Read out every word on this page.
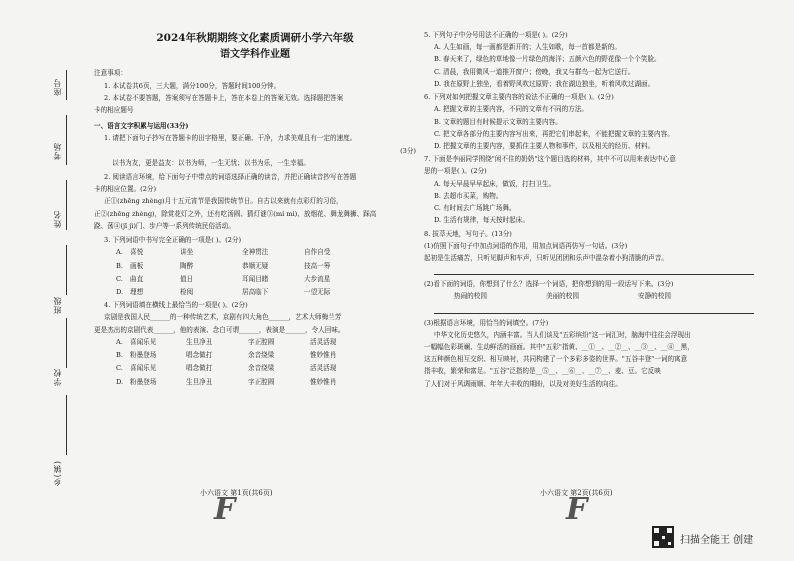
座号
考场
姓名
班级
学校
乡(镇)

2024年秋期期终文化素质调研小学六年级

语文学科作业题

注意事项：

1. 本试卷共6页，三大题，满分100分，答题时间100分钟。

2. 本试卷不要答题，答案须写在答题卡上，答在本卷上的答案无效。选择题把答案

卡的相应题号

一、语言文字积累与运用(33分)

1. 请把下面句子抄写在答题卡的田字格里，要正确、干净，力求美观且有一定的速度。

(3分)

以书为友，更是益友：以书为师，一生无忧；以书为乐，一生幸福。

2. 阅读语言环境，给下面句子中带点的词语选择正确的读音，并把正确读音抄写在答题

卡的相应位置。(2分)

正①(zhēng zhèng)月十五元宵节是我国传统节日。自古以来就有点彩灯的习俗，

正②(zhēng zhèng)，除赏花灯之外，还有吃汤圆、猜灯谜③(mí mì)、放烟花、舞龙舞狮、踩高

跷、荡④(jī jì)门、步户等一系列传统民俗活动。

3. 下列词语中书写完全正确的一项是( )。(2分)

A.	喜悦	讲坐	全神贯注	自作自受
B.	画板	陶醉	恭顺无疑	技高一筹
C.	曲直	值日	耳闻目睹	大步流星
D.	理想	检阅	居高临下	一望无际

4. 下列词语填在横线上最恰当的一项是( )。(2分)

京剧是我国人民______的一种传统艺术，京剧有四大角色______，艺术大师梅兰芳

更是杰出的京剧代表______，他的表演、念白可谓______，表演是______，令人回味。

A.	喜闻乐见	生旦净丑	字正腔圆	活灵活现
B.	粉墨登场	唱念做打	余音绕梁	惟妙惟肖
C.	喜闻乐见	唱念做打	余音绕梁	活灵活现
D.	粉墨登场	生旦净丑	字正腔圆	惟妙惟肖

5. 下列句子中分号用法不正确的一项是( )。(2分)

A. 人生如画，每一画都是新开的；人生如歌，每一首都是新的。

B. 春天来了，绿色的草地像一片绿色的海洋；五颜六色的野花像一个个笑脸。

C. 清晨，我用微风一道推开窗户；傍晚，我又与群鸟一起为它送行。

D. 我在原野上独坐，看着野风吹过原野；我在湖边独坐，听着风吹过湖面。

6. 下列对如何把握文章主要内容的说法不正确的一项是( )。(2分)

A. 把握文章的主要内容，不同的文章有不同的方法。

B. 文章的题目有时候提示文章的主要内容。

C. 把文章各部分的主要内容写出来，再把它们串起来，不能把握文章的主要内容。

D. 把握文章的主要内容，要抓住主要人物和事件，以及相关的经历、材料。

7. 下面是李丽同学围绕"闲不住的奶奶"这个题目选的材料，其中不可以用来表达中心意

思的一项是( )。(2分)

A. 每天早晨早早起床，做饭，打扫卫生。

B. 去超市买菜，购物。

C. 有时间去广场跳广场舞。

D. 生活有规律，每天按时起床。

8. 拔萃天地，写句子。(13分)

(1)仿照下面句子中加点词语的作用，用加点词语再仿写一句话。(3分)

起初是生活痛苦，只听见脚声和车声，只听见团团和乐声中混杂着小狗清脆的声音。

(2)看下面的词语，你想到了什么？选择一个词语，把你想到的用一段话写下来。(3分)

热闹的校园	美丽的校园	安静的校园

(3)根据语言环境，用恰当的词填空。(7分)

中华文化历史悠久，内涵丰富。当人们谈及"五彩缤纷"这一词汇时，脑海中往往会浮现出

一幅幅色彩斑斓、生动鲜活的画面。其中"五彩"指黄、__①__、__②__、__③__、__④__黑，

这五种颜色相互交织、相互映衬，共同构建了一个多彩多姿的世界。"五谷丰登"一词的寓意

指丰收，繁荣和富足。"五谷"泛指的是__⑤__、__⑥__、__⑦__、麦、豆。它反映

了人们对于风调雨顺、年年大丰收的期盼，以及对美好生活的向往。

小六语文 第1页(共6页)
F	小六语文 第2页(共6页)
F
扫描全能王 创建
